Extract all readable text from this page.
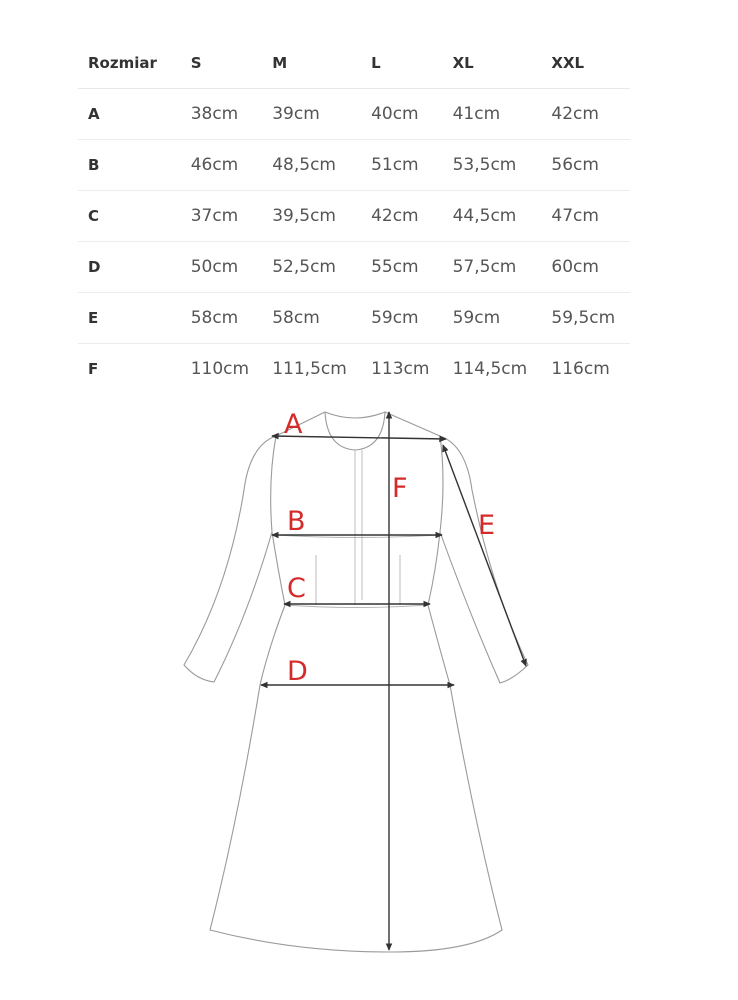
Rozmiar	S	M	L	XL	XXL
A	38cm	39cm	40cm	41cm	42cm
B	46cm	48,5cm	51cm	53,5cm	56cm
C	37cm	39,5cm	42cm	44,5cm	47cm
D	50cm	52,5cm	55cm	57,5cm	60cm
E	58cm	58cm	59cm	59cm	59,5cm
F	110cm	111,5cm	113cm	114,5cm	116cm
A
B
C
D
E
F
